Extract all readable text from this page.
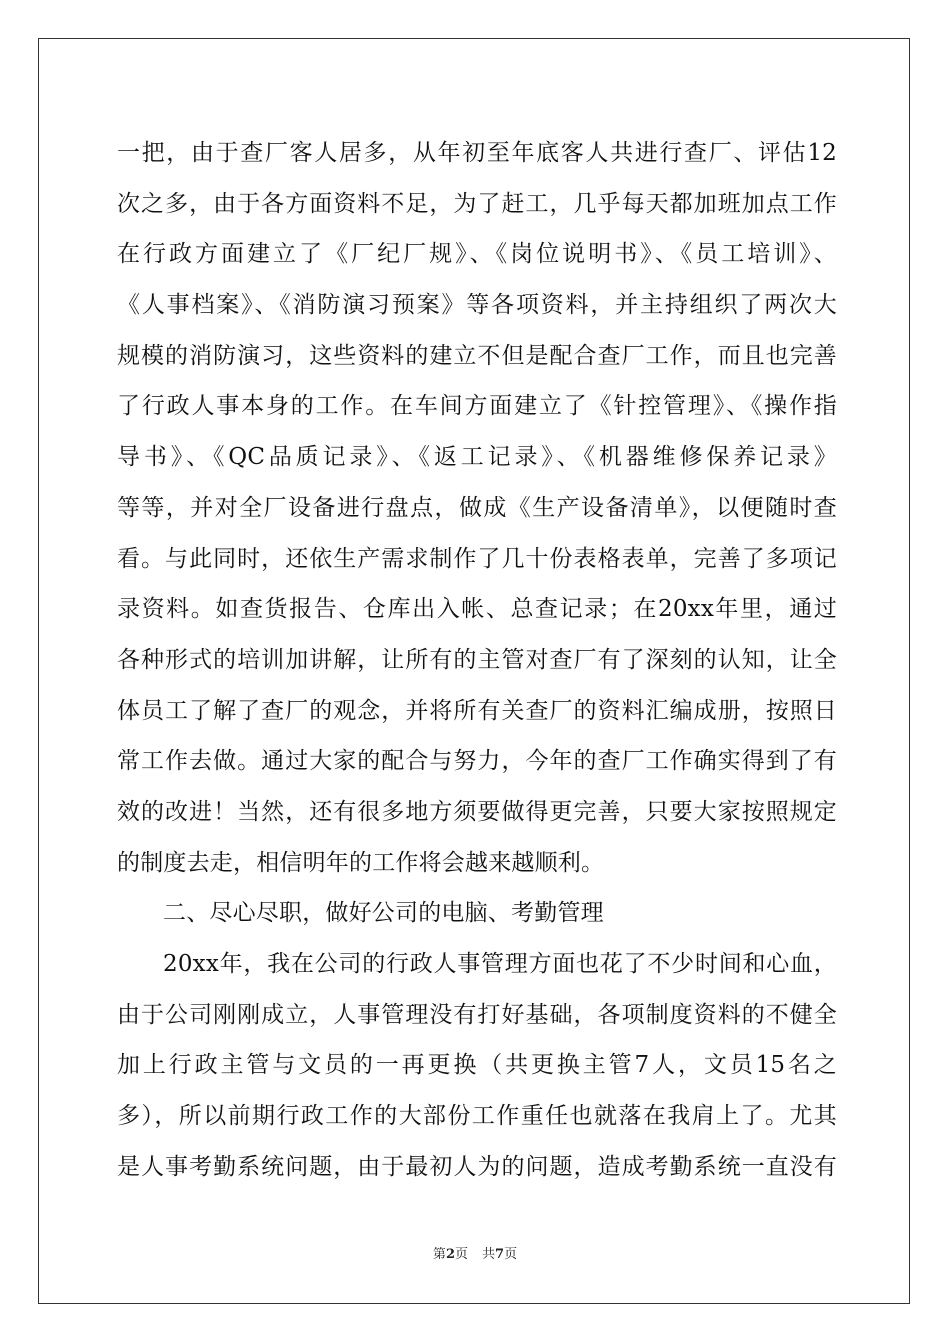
一把，由于查厂客人居多，从年初至年底客人共进行查厂、评估12
次之多，由于各方面资料不足，为了赶工，几乎每天都加班加点工作
在行政方面建立了《厂纪厂规》、《岗位说明书》、《员工培训》、
《人事档案》、《消防演习预案》等各项资料，并主持组织了两次大
规模的消防演习，这些资料的建立不但是配合查厂工作，而且也完善
了行政人事本身的工作。在车间方面建立了《针控管理》、《操作指
导书》、《QC品质记录》、《返工记录》、《机器维修保养记录》
等等，并对全厂设备进行盘点，做成《生产设备清单》，以便随时查
看。与此同时，还依生产需求制作了几十份表格表单，完善了多项记
录资料。如查货报告、仓库出入帐、总查记录；在20xx年里，通过
各种形式的培训加讲解，让所有的主管对查厂有了深刻的认知，让全
体员工了解了查厂的观念，并将所有关查厂的资料汇编成册，按照日
常工作去做。通过大家的配合与努力，今年的查厂工作确实得到了有
效的改进！当然，还有很多地方须要做得更完善，只要大家按照规定
的制度去走，相信明年的工作将会越来越顺利。
二、尽心尽职，做好公司的电脑、考勤管理
20xx年，我在公司的行政人事管理方面也花了不少时间和心血，
由于公司刚刚成立，人事管理没有打好基础，各项制度资料的不健全
加上行政主管与文员的一再更换（共更换主管7人，文员15名之
多），所以前期行政工作的大部份工作重任也就落在我肩上了。尤其
是人事考勤系统问题，由于最初人为的问题，造成考勤系统一直没有
第2页 共7页
